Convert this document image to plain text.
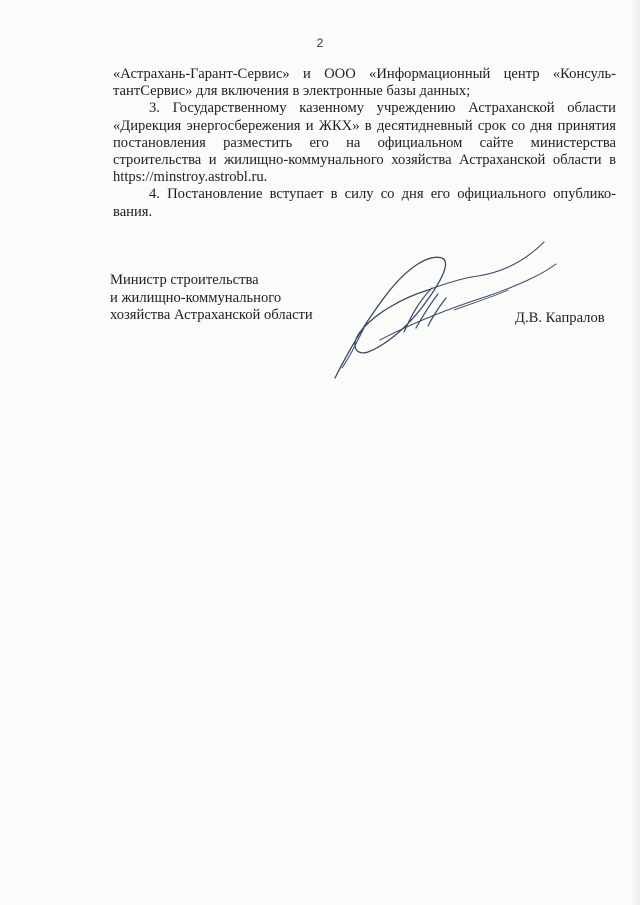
2

«Астрахань-Гарант-Сервис» и ООО «Информационный центр «Консуль- тантСервис» для включения в электронные базы данных;

3. Государственному казенному учреждению Астраханской области «Дирекция энергосбережения и ЖКХ» в десятидневный срок со дня принятия постановления разместить его на официальном сайте министерства строительства и жилищно-коммунального хозяйства Астраханской области в https://minstroy.astrobl.ru.

4. Постановление вступает в силу со дня его официального опублико- вания.

Министр строительства
и жилищно-коммунального
хозяйства Астраханской области	Д.В. Капралов
